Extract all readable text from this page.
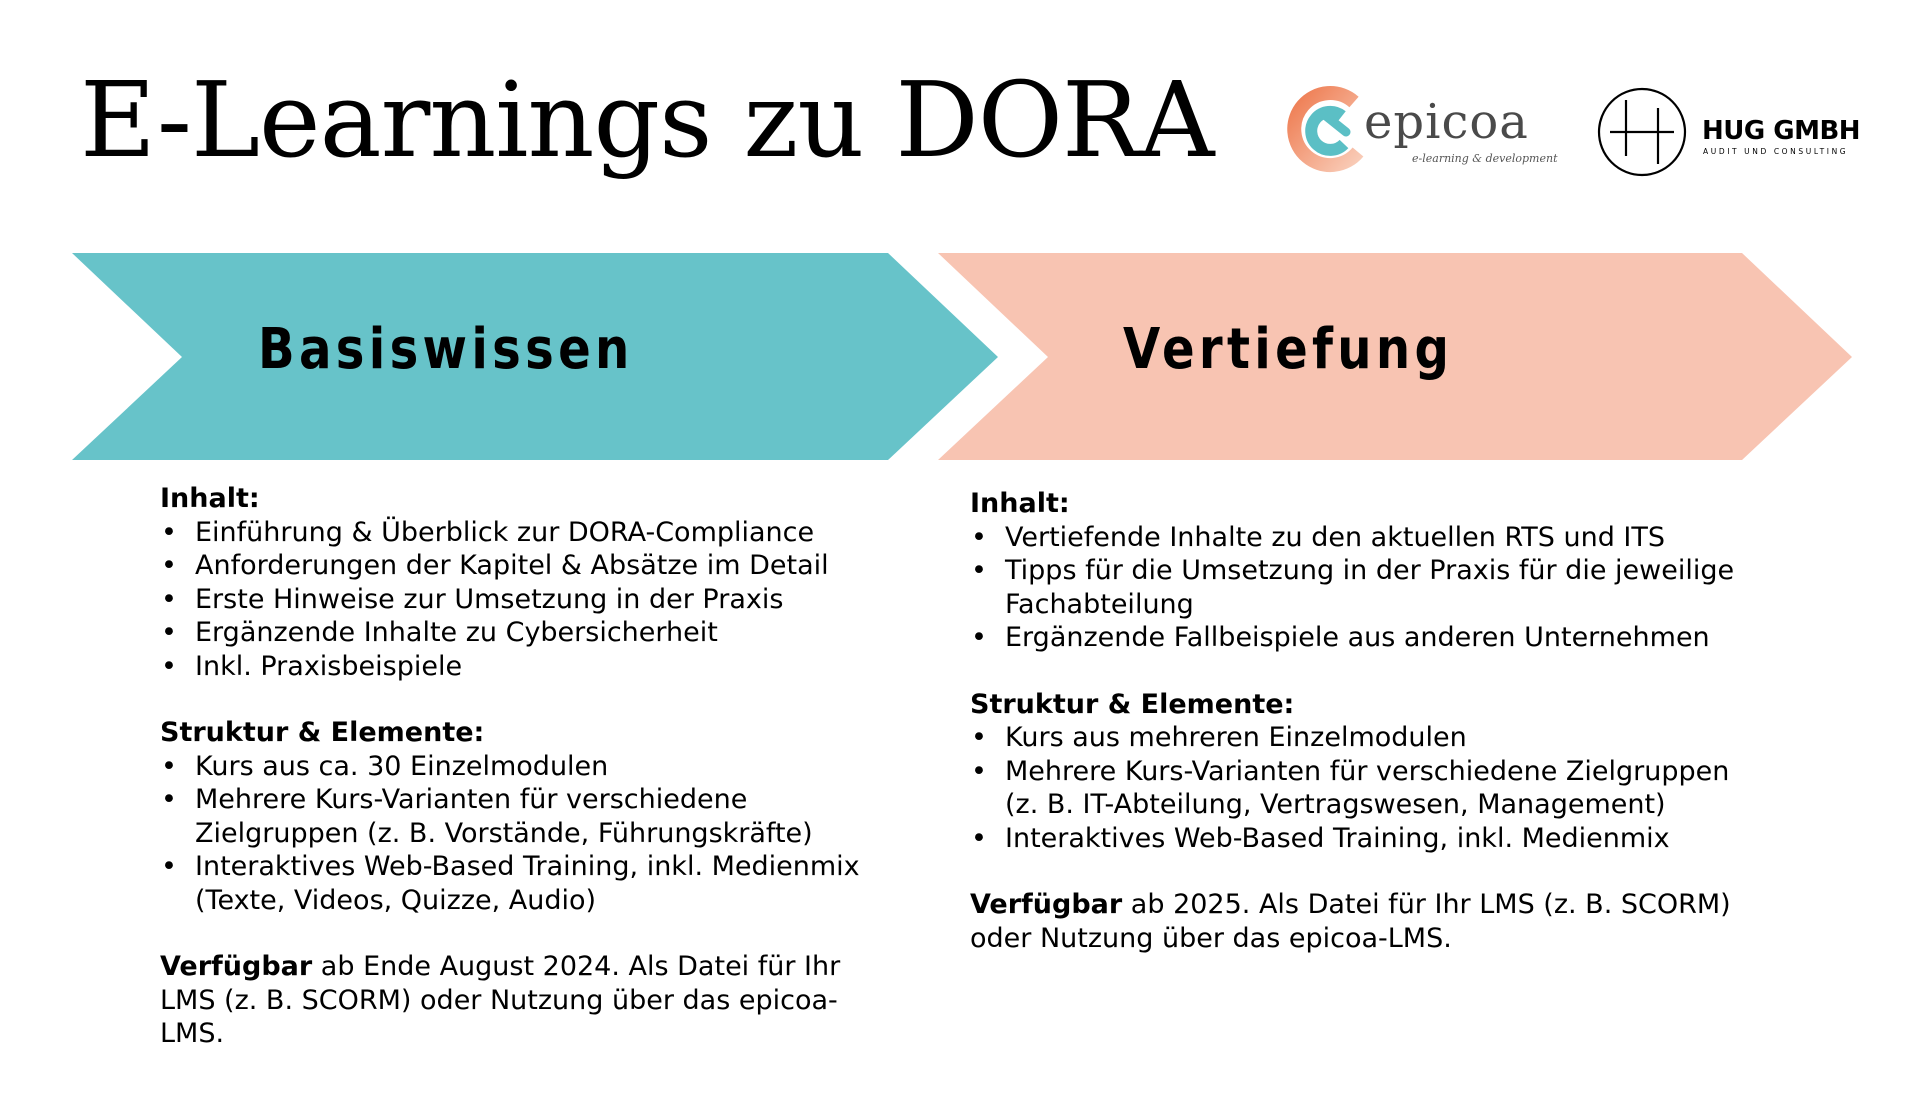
E-Learnings zu DORA	epicoa
e-learning & development
HUG GMBH
AUDIT UND CONSULTING
Basiswissen	Vertiefung

Inhalt:

• Einführung & Überblick zur DORA-Compliance
• Anforderungen der Kapitel & Absätze im Detail
• Erste Hinweise zur Umsetzung in der Praxis
• Ergänzende Inhalte zu Cybersicherheit
• Inkl. Praxisbeispiele

Struktur & Elemente:

• Kurs aus ca. 30 Einzelmodulen
• Mehrere Kurs-Varianten für verschiedene Zielgruppen (z. B. Vorstände, Führungskräfte)
• Interaktives Web-Based Training, inkl. Medienmix (Texte, Videos, Quizze, Audio)

Verfügbar ab Ende August 2024. Als Datei für Ihr LMS (z. B. SCORM) oder Nutzung über das epicoa-LMS.

Inhalt:

• Vertiefende Inhalte zu den aktuellen RTS und ITS
• Tipps für die Umsetzung in der Praxis für die jeweilige Fachabteilung
• Ergänzende Fallbeispiele aus anderen Unternehmen

Struktur & Elemente:

• Kurs aus mehreren Einzelmodulen
• Mehrere Kurs-Varianten für verschiedene Zielgruppen (z. B. IT-Abteilung, Vertragswesen, Management)
• Interaktives Web-Based Training, inkl. Medienmix

Verfügbar ab 2025. Als Datei für Ihr LMS (z. B. SCORM) oder Nutzung über das epicoa-LMS.
